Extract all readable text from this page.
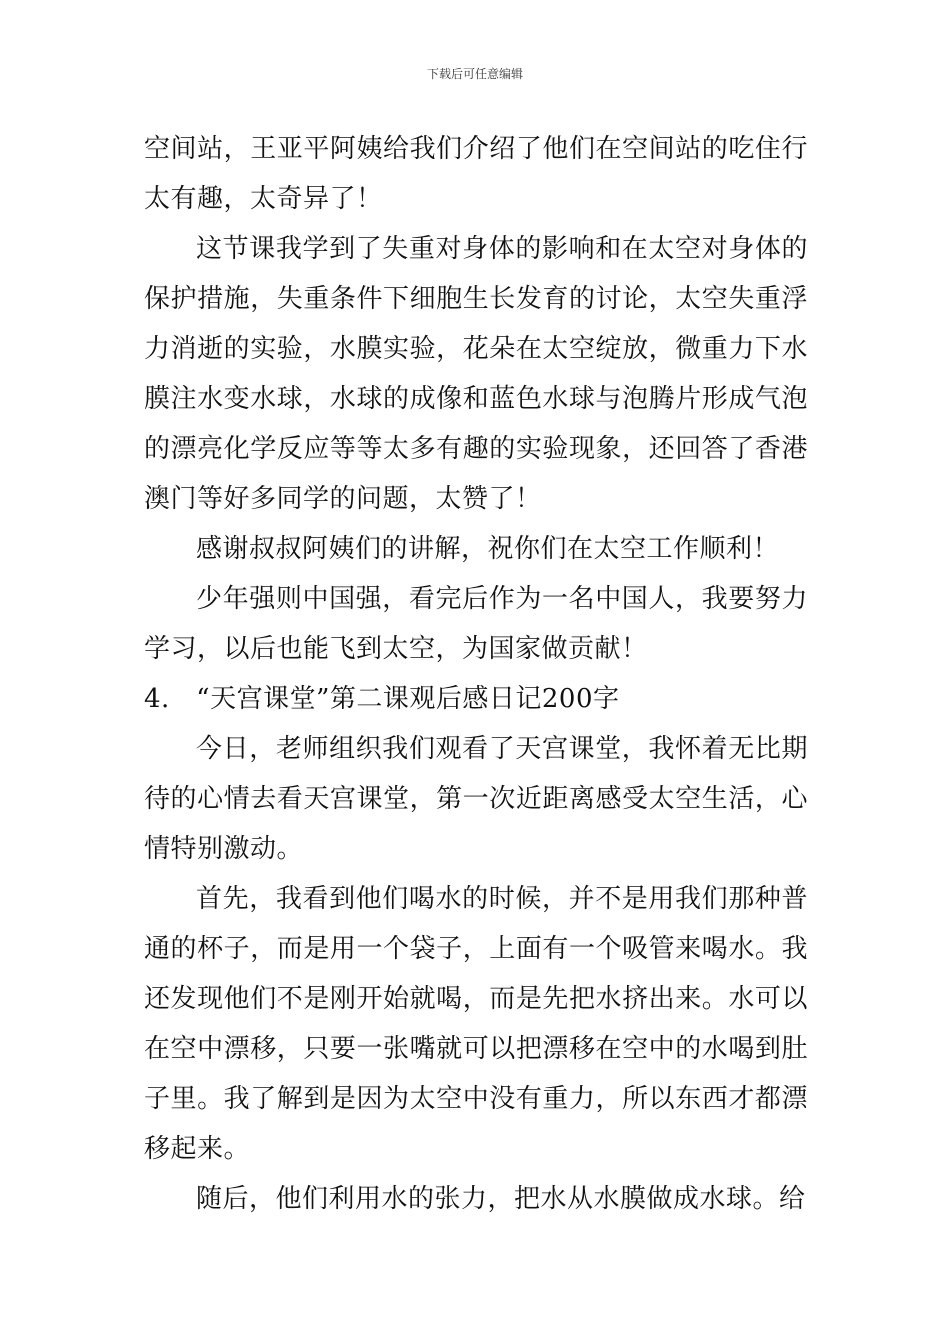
下载后可任意编辑

空间站，王亚平阿姨给我们介绍了他们在空间站的吃住行太有趣，太奇异了！

这节课我学到了失重对身体的影响和在太空对身体的保护措施，失重条件下细胞生长发育的讨论，太空失重浮力消逝的实验，水膜实验，花朵在太空绽放，微重力下水膜注水变水球，水球的成像和蓝色水球与泡腾片形成气泡的漂亮化学反应等等太多有趣的实验现象，还回答了香港澳门等好多同学的问题，太赞了！

感谢叔叔阿姨们的讲解，祝你们在太空工作顺利！

少年强则中国强，看完后作为一名中国人，我要努力学习，以后也能飞到太空，为国家做贡献！

4.　“天宫课堂”第二课观后感日记200字

今日，老师组织我们观看了天宫课堂，我怀着无比期待的心情去看天宫课堂，第一次近距离感受太空生活，心情特别激动。

首先，我看到他们喝水的时候，并不是用我们那种普通的杯子，而是用一个袋子，上面有一个吸管来喝水。我还发现他们不是刚开始就喝，而是先把水挤出来。水可以在空中漂移，只要一张嘴就可以把漂移在空中的水喝到肚子里。我了解到是因为太空中没有重力，所以东西才都漂移起来。

随后，他们利用水的张力，把水从水膜做成水球。给
